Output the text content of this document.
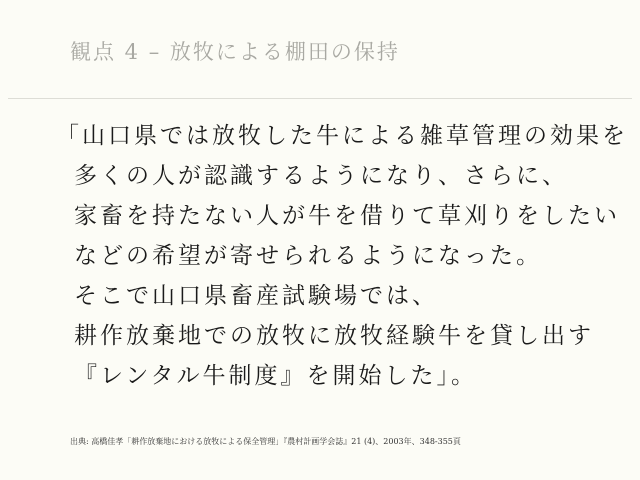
観点 4 – 放牧による棚田の保持
「山口県では放牧した牛による雑草管理の効果を
多くの人が認識するようになり、さらに、
家畜を持たない人が牛を借りて草刈りをしたい
などの希望が寄せられるようになった。
そこで山口県畜産試験場では、
耕作放棄地での放牧に放牧経験牛を貸し出す
『レンタル牛制度』を開始した」。
出典: 高橋佳孝「耕作放棄地における放牧による保全管理」『農村計画学会誌』21 (4)、2003年、348-355頁
